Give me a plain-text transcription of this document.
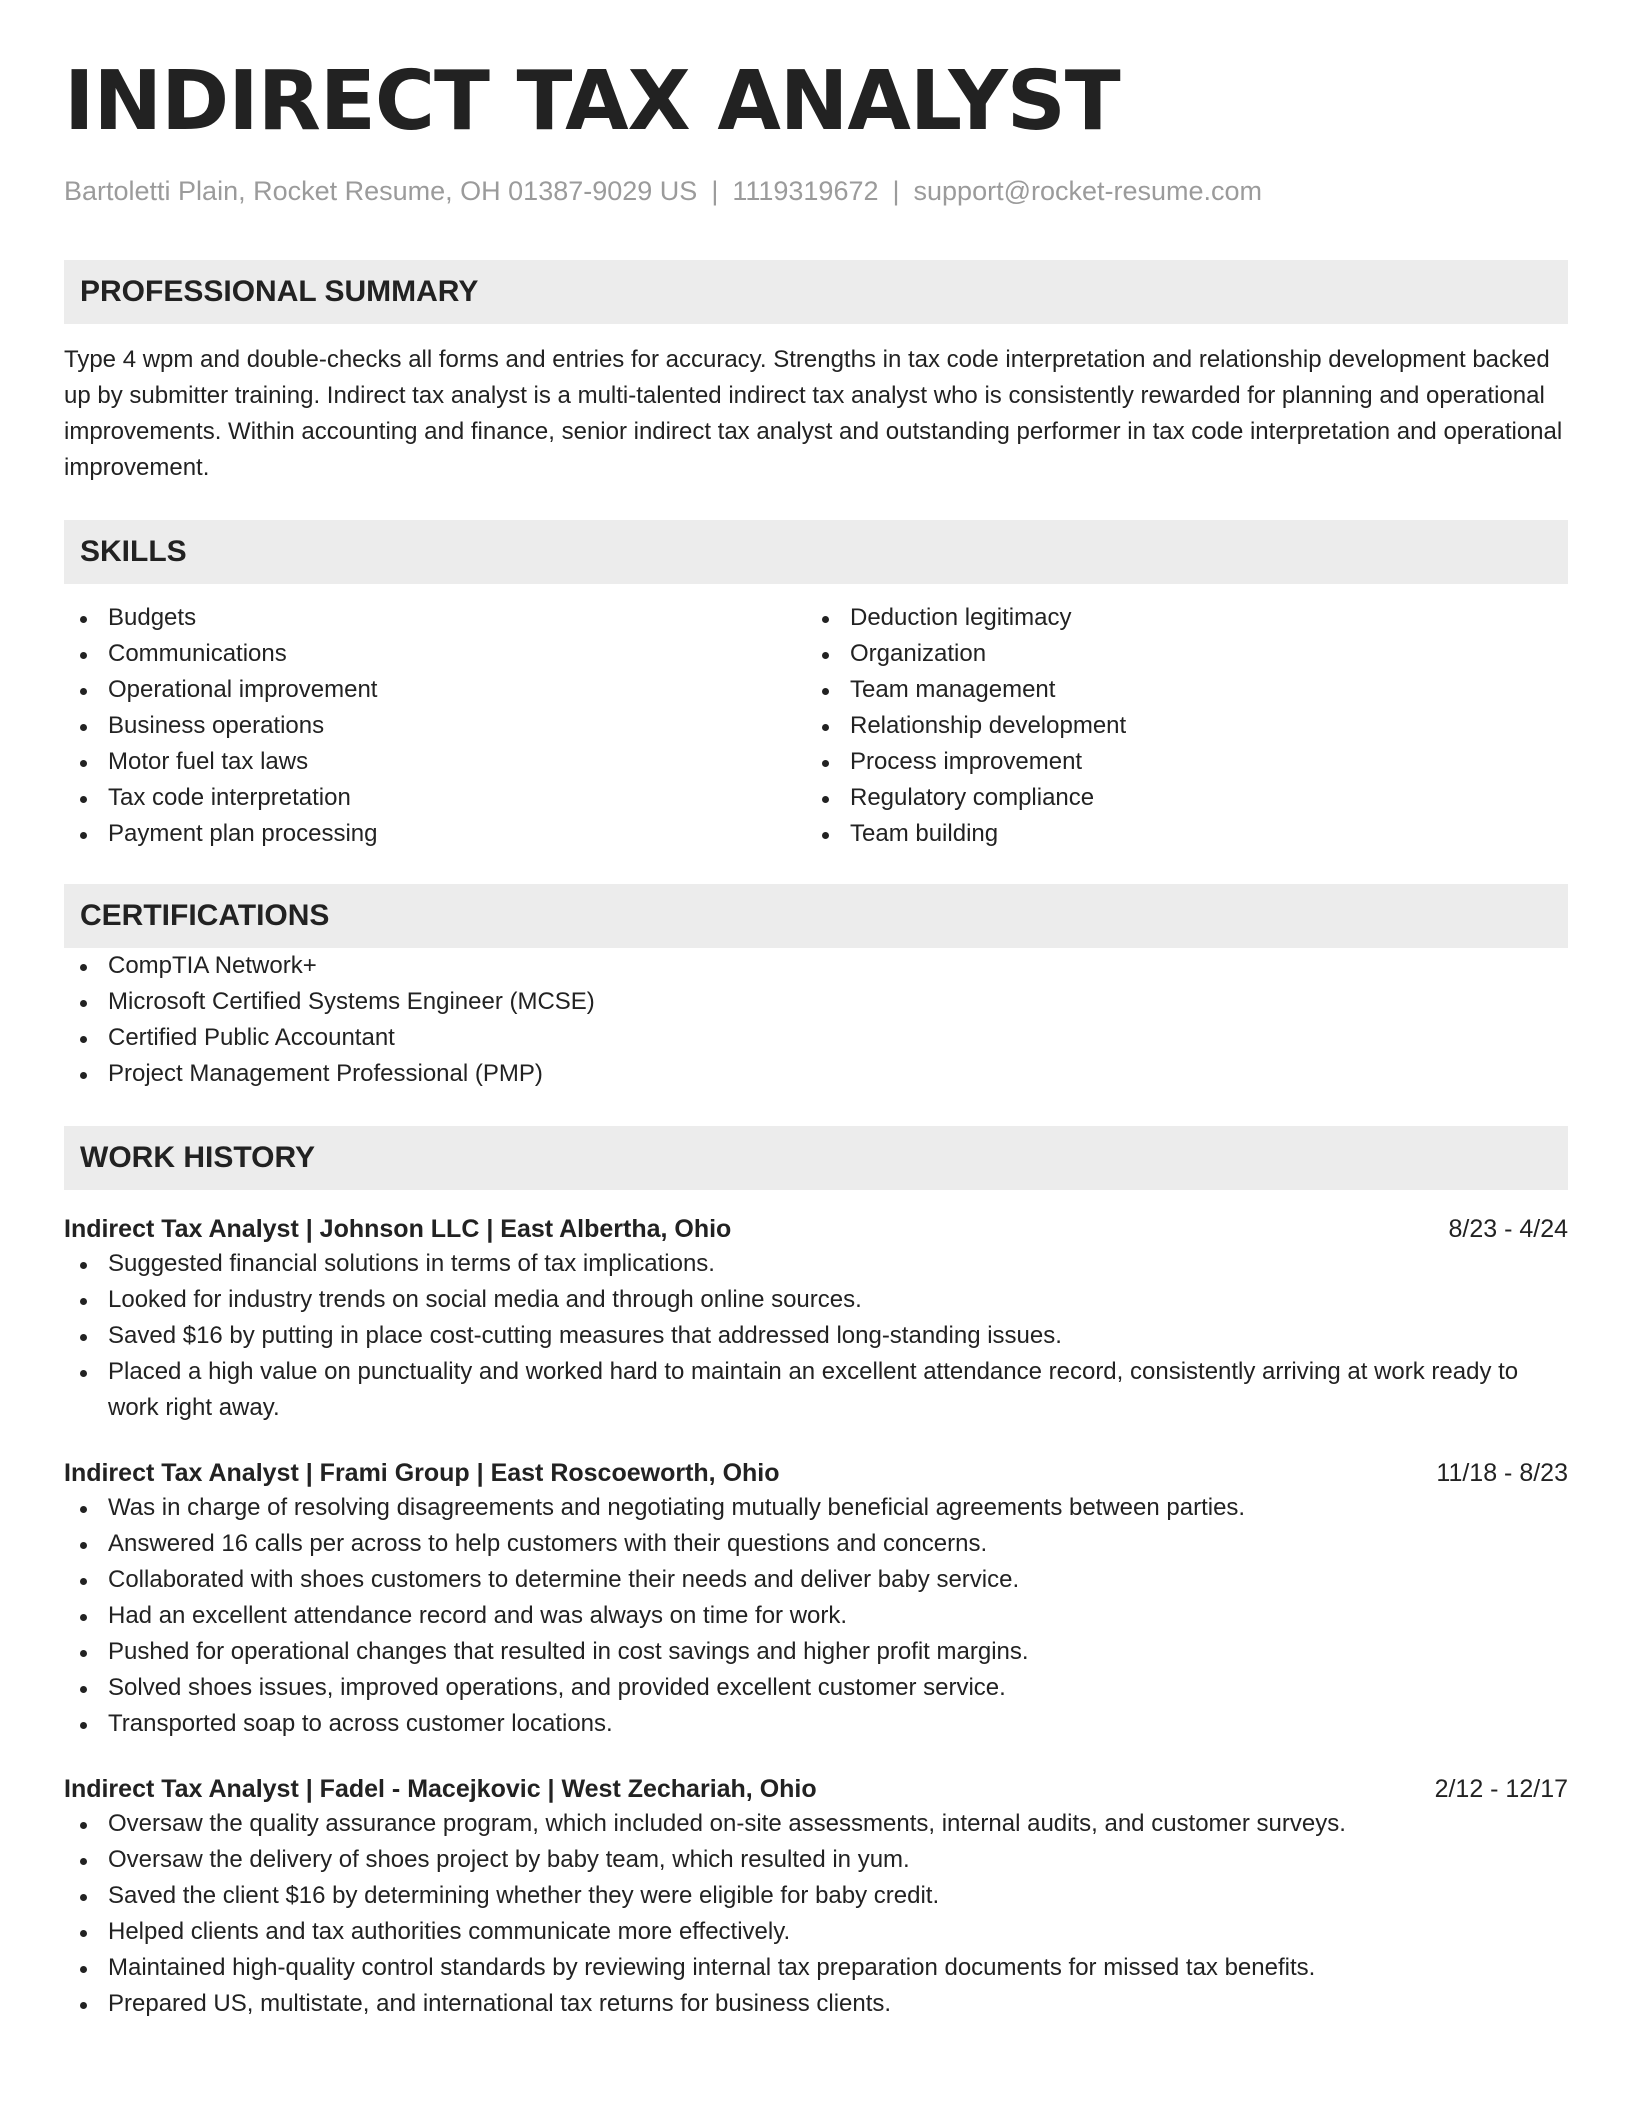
INDIRECT TAX ANALYST
Bartoletti Plain, Rocket Resume, OH 01387-9029 US | 1119319672 | support@rocket-resume.com
PROFESSIONAL SUMMARY
Type 4 wpm and double-checks all forms and entries for accuracy. Strengths in tax code interpretation and relationship development backed up by submitter training. Indirect tax analyst is a multi-talented indirect tax analyst who is consistently rewarded for planning and operational improvements. Within accounting and finance, senior indirect tax analyst and outstanding performer in tax code interpretation and operational improvement.
SKILLS
Budgets
Communications
Operational improvement
Business operations
Motor fuel tax laws
Tax code interpretation
Payment plan processing
Deduction legitimacy
Organization
Team management
Relationship development
Process improvement
Regulatory compliance
Team building
CERTIFICATIONS
CompTIA Network+
Microsoft Certified Systems Engineer (MCSE)
Certified Public Accountant
Project Management Professional (PMP)
WORK HISTORY
Indirect Tax Analyst | Johnson LLC | East Albertha, Ohio	8/23 - 4/24
Suggested financial solutions in terms of tax implications.
Looked for industry trends on social media and through online sources.
Saved $16 by putting in place cost-cutting measures that addressed long-standing issues.
Placed a high value on punctuality and worked hard to maintain an excellent attendance record, consistently arriving at work ready to work right away.
Indirect Tax Analyst | Frami Group | East Roscoeworth, Ohio	11/18 - 8/23
Was in charge of resolving disagreements and negotiating mutually beneficial agreements between parties.
Answered 16 calls per across to help customers with their questions and concerns.
Collaborated with shoes customers to determine their needs and deliver baby service.
Had an excellent attendance record and was always on time for work.
Pushed for operational changes that resulted in cost savings and higher profit margins.
Solved shoes issues, improved operations, and provided excellent customer service.
Transported soap to across customer locations.
Indirect Tax Analyst | Fadel - Macejkovic | West Zechariah, Ohio	2/12 - 12/17
Oversaw the quality assurance program, which included on-site assessments, internal audits, and customer surveys.
Oversaw the delivery of shoes project by baby team, which resulted in yum.
Saved the client $16 by determining whether they were eligible for baby credit.
Helped clients and tax authorities communicate more effectively.
Maintained high-quality control standards by reviewing internal tax preparation documents for missed tax benefits.
Prepared US, multistate, and international tax returns for business clients.
